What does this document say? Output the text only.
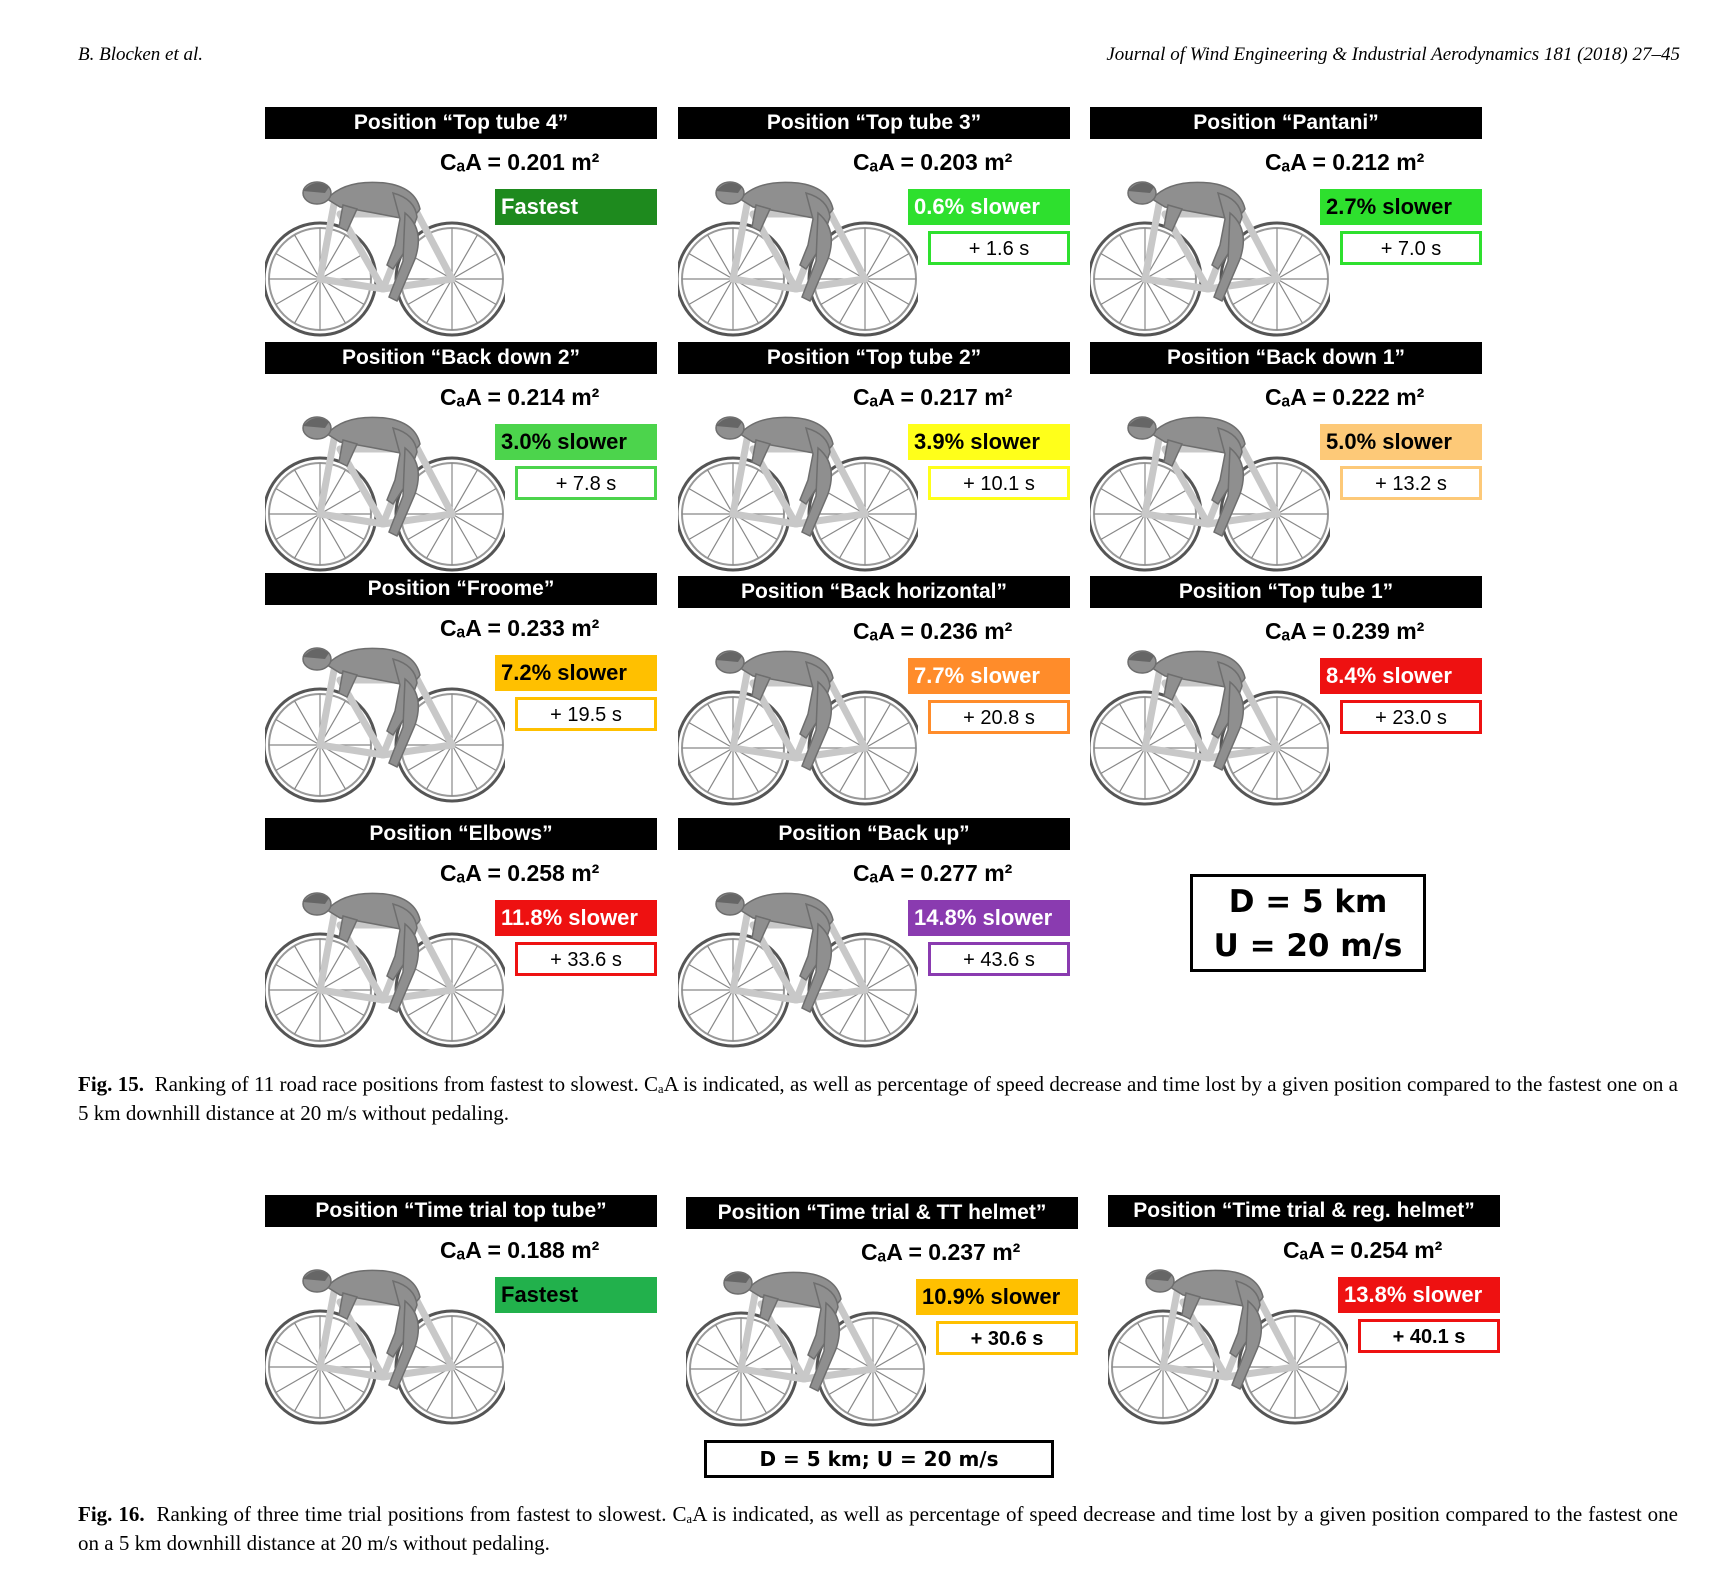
B. Blocken et al.	Journal of Wind Engineering & Industrial Aerodynamics 181 (2018) 27–45
Position “Top tube 4”
CₐA = 0.201 m²
Fastest
Position “Top tube 3”
CₐA = 0.203 m²
0.6% slower
+ 1.6 s
Position “Pantani”
CₐA = 0.212 m²
2.7% slower
+ 7.0 s
Position “Back down 2”
CₐA = 0.214 m²
3.0% slower
+ 7.8 s
Position “Top tube 2”
CₐA = 0.217 m²
3.9% slower
+ 10.1 s
Position “Back down 1”
CₐA = 0.222 m²
5.0% slower
+ 13.2 s
Position “Froome”
CₐA = 0.233 m²
7.2% slower
+ 19.5 s
Position “Back horizontal”
CₐA = 0.236 m²
7.7% slower
+ 20.8 s
Position “Top tube 1”
CₐA = 0.239 m²
8.4% slower
+ 23.0 s
Position “Elbows”
CₐA = 0.258 m²
11.8% slower
+ 33.6 s
Position “Back up”
CₐA = 0.277 m²
14.8% slower
+ 43.6 s
Position “Time trial top tube”
CₐA = 0.188 m²
Fastest
Position “Time trial & TT helmet”
CₐA = 0.237 m²
10.9% slower
+ 30.6 s
Position “Time trial & reg. helmet”
CₐA = 0.254 m²
13.8% slower
+ 40.1 s
D = 5 km
U = 20 m/s
Fig. 15. Ranking of 11 road race positions from fastest to slowest. CₐA is indicated, as well as percentage of speed decrease and time lost by a given position compared to the fastest one on a 5 km downhill distance at 20 m/s without pedaling.
D = 5 km; U = 20 m/s
Fig. 16. Ranking of three time trial positions from fastest to slowest. CₐA is indicated, as well as percentage of speed decrease and time lost by a given position compared to the fastest one on a 5 km downhill distance at 20 m/s without pedaling.
